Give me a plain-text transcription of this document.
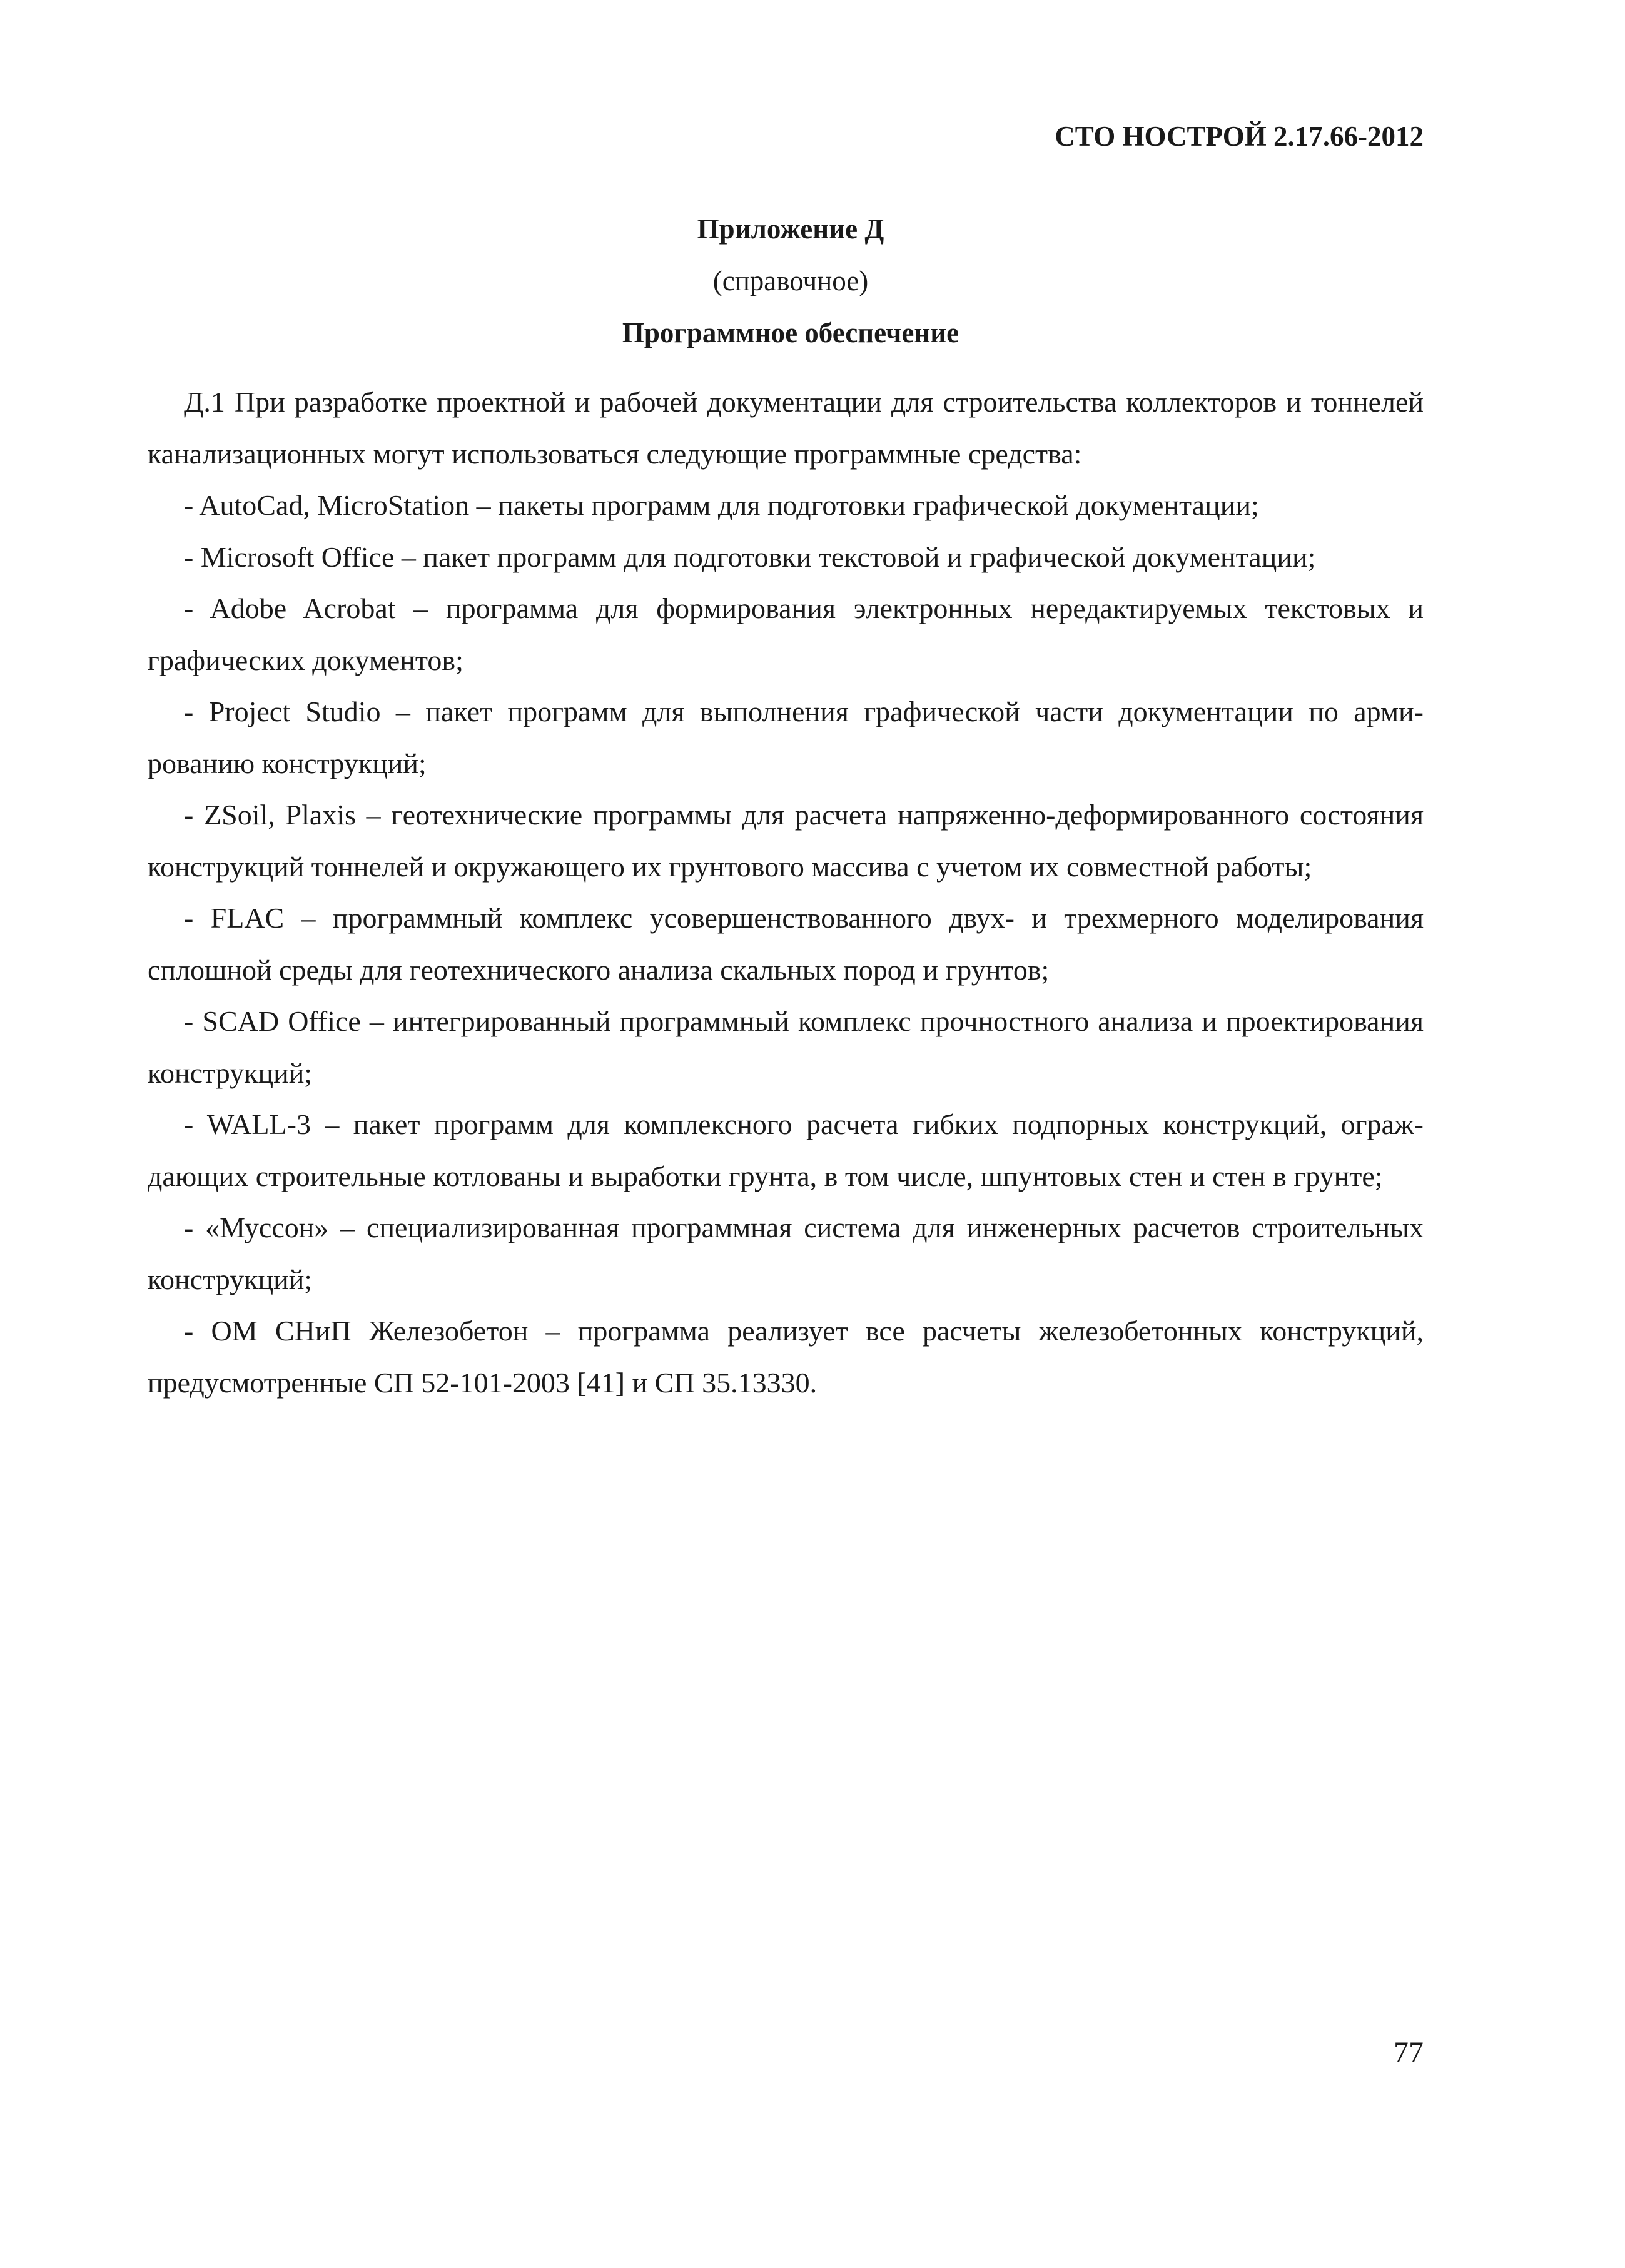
СТО НОСТРОЙ 2.17.66-2012
Приложение Д
(справочное)
Программное обеспечение

Д.1 При разработке проектной и рабочей документации для строительства коллекторов и тоннелей канализационных могут использоваться следующие программные средства:

- AutoCad, MicroStation – пакеты программ для подготовки графической документации;

- Microsoft Office – пакет программ для подготовки текстовой и графической документации;

- Adobe Acrobat – программа для формирования электронных нередактируемых текстовых и графических документов;

- Project Studio – пакет программ для выполнения графической части документации по армированию конструкций;

- ZSoil, Plaxis – геотехнические программы для расчета напряженно-деформированного состояния конструкций тоннелей и окружающего их грунтового массива с учетом их совместной работы;

- FLAC – программный комплекс усовершенствованного двух- и трехмерного моделирования сплошной среды для геотехнического анализа скальных пород и грунтов;

- SCAD Office – интегрированный программный комплекс прочностного анализа и проектирования конструкций;

- WALL-3 – пакет программ для комплексного расчета гибких подпорных конструкций, ограждающих строительные котлованы и выработки грунта, в том числе, шпунтовых стен и стен в грунте;

- «Муссон» – специализированная программная система для инженерных расчетов строительных конструкций;

- ОМ СНиП Железобетон – программа реализует все расчеты железобетонных конструкций, предусмотренные СП 52-101-2003 [41] и СП 35.13330.

77
